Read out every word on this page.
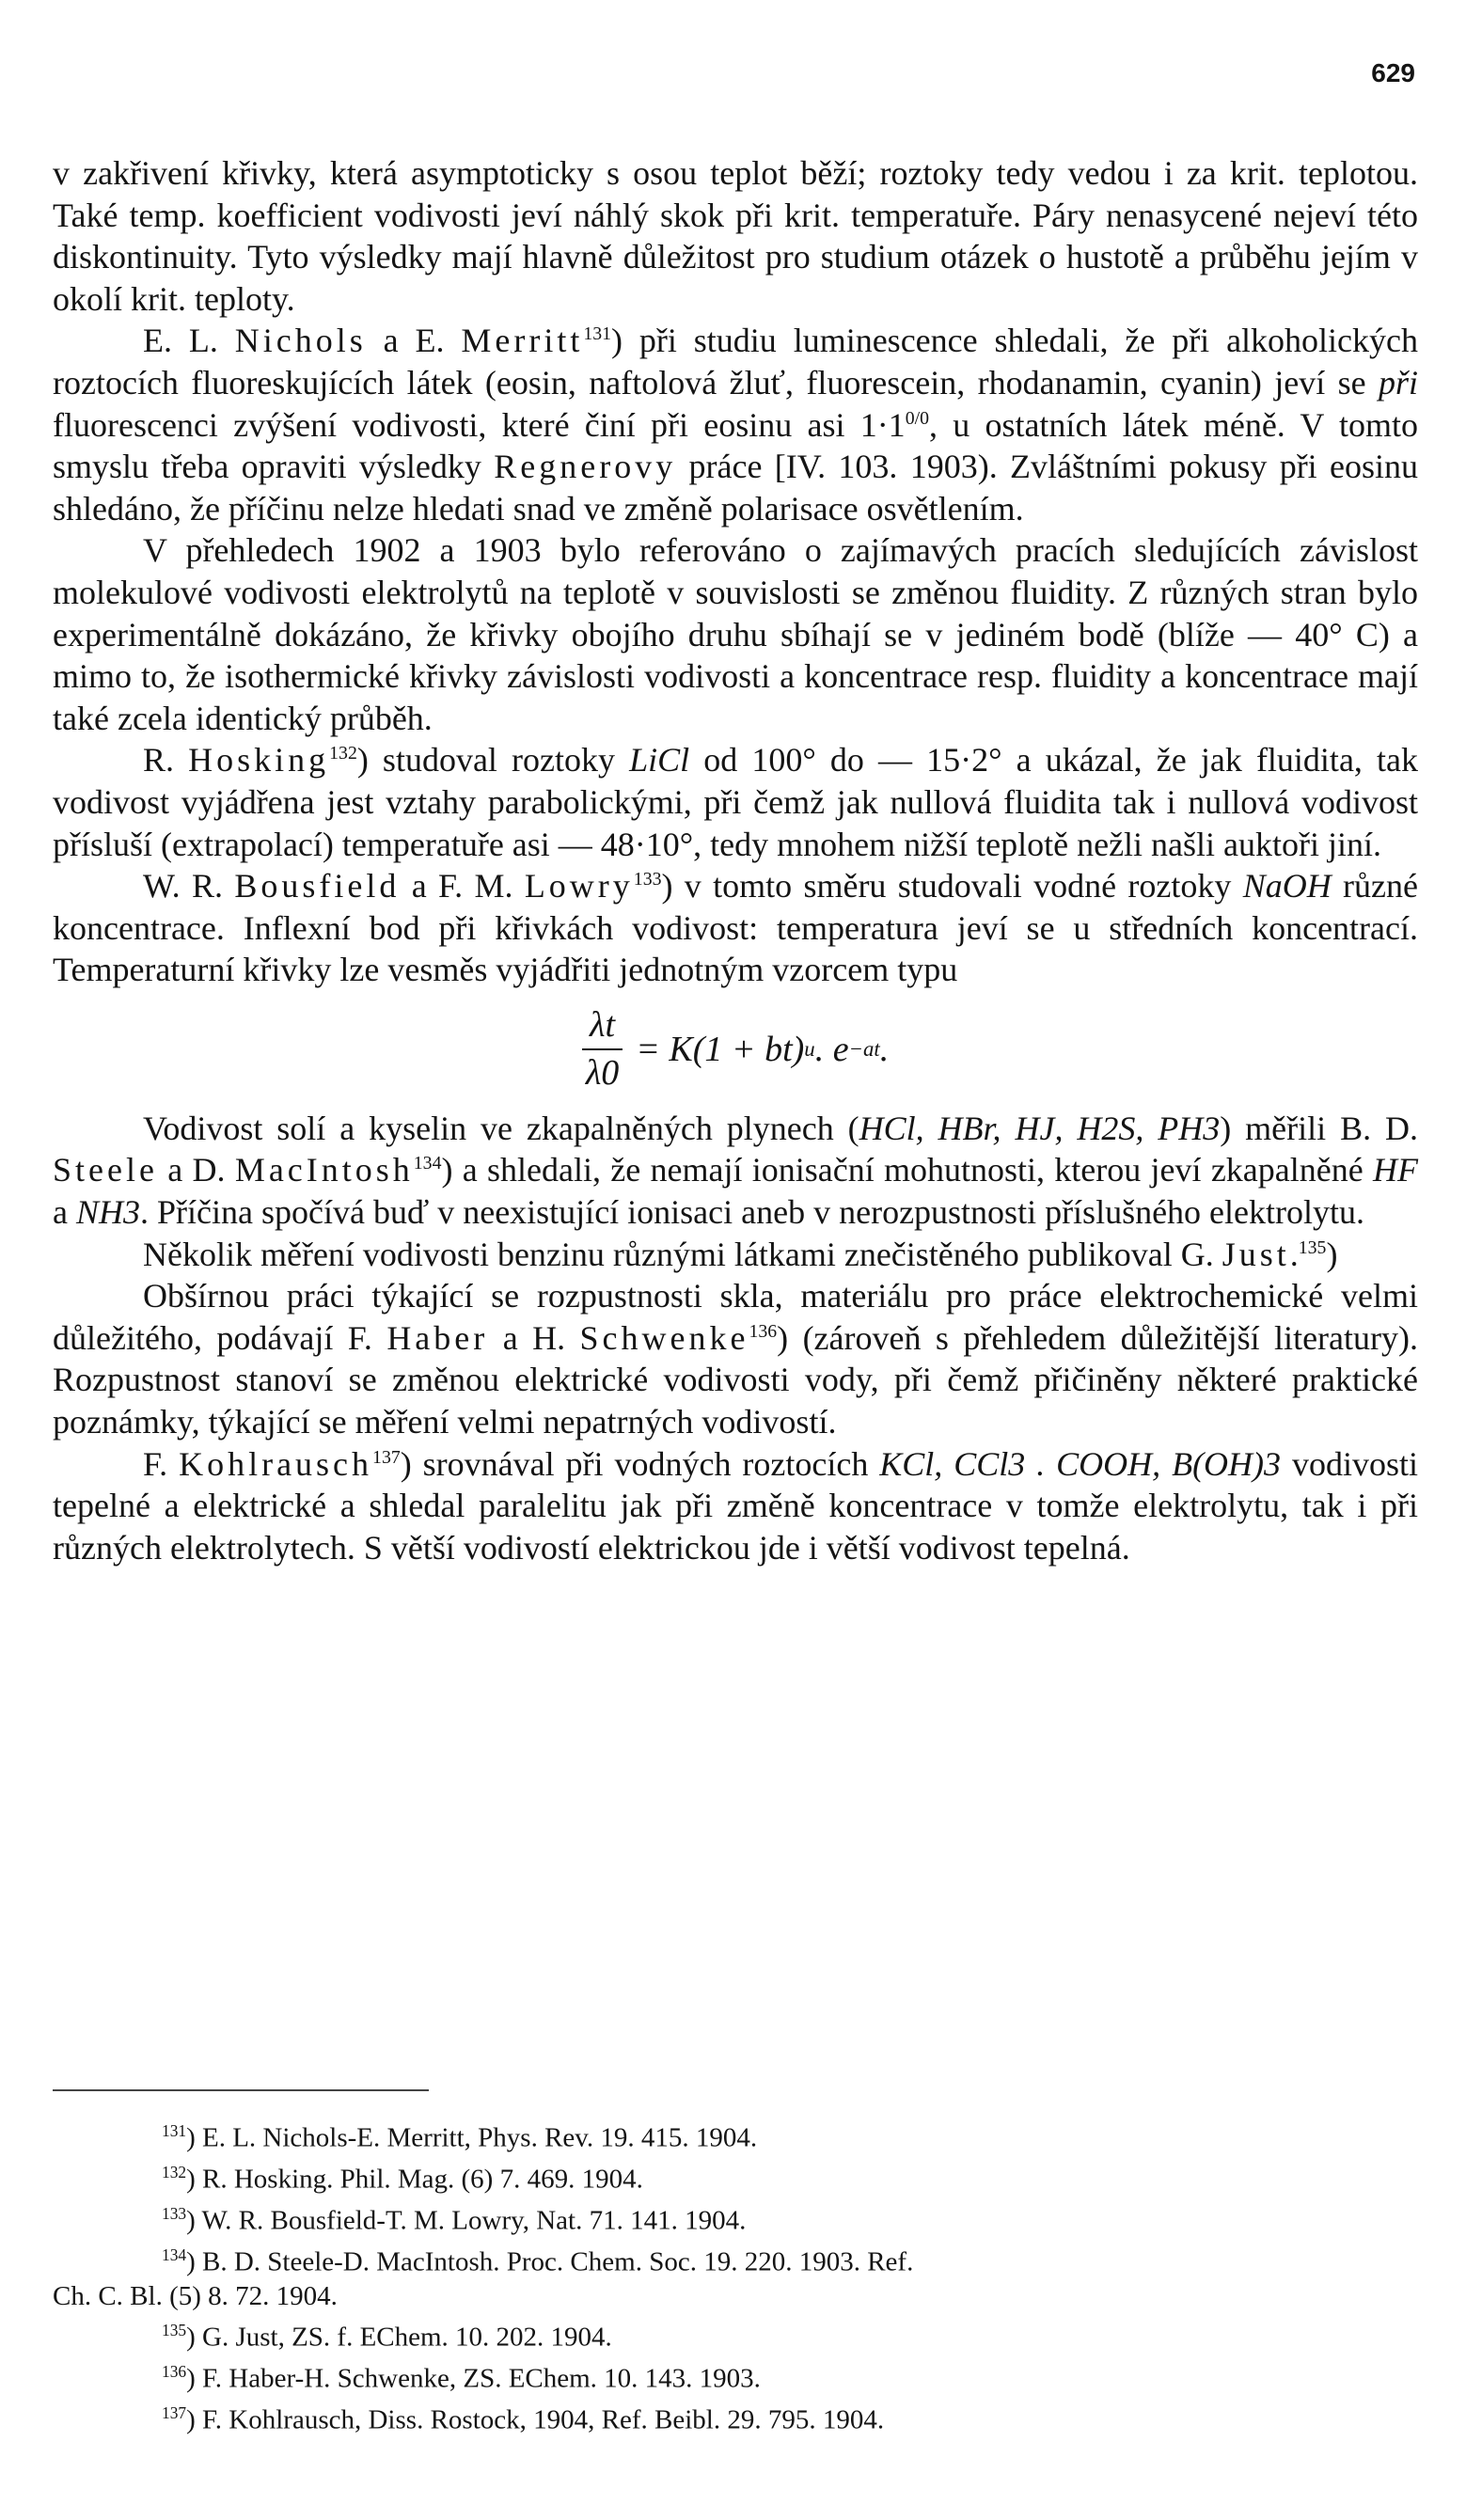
629

v zakřivení křivky, která asymptoticky s osou teplot běží; roztoky tedy vedou i za krit. teplotou. Také temp. koefficient vodivosti jeví náhlý skok při krit. temperatuře. Páry nenasycené nejeví této diskontinuity. Tyto výsledky mají hlavně důležitost pro studium otázek o hustotě a průběhu jejím v okolí krit. teploty.

E. L. Nichols a E. Merritt$^{131}$) při studiu luminescence shledali, že při alkoholických roztocích fluoreskujících látek (eosin, naftolová žluť, fluorescein, rhodanamin, cyanin) jeví se při fluorescenci zvýšení vodivosti, které činí při eosinu asi $1\cdot 1^{0/0}$, u ostatních látek méně. V tomto smyslu třeba opraviti výsledky Regnerovy práce [IV. 103. 1903). Zvláštními pokusy při eosinu shledáno, že příčinu nelze hledati snad ve změně polarisace osvětlením.

V přehledech 1902 a 1903 bylo referováno o zajímavých pracích sledujících závislost molekulové vodivosti elektrolytů na teplotě v souvislosti se změnou fluidity. Z různých stran bylo experimentálně dokázáno, že křivky obojího druhu sbíhají se v jediném bodě (blíže — 40° C) a mimo to, že isothermické křivky závislosti vodivosti a koncentrace resp. fluidity a koncentrace mají také zcela identický průběh.

R. Hosking$^{132}$) studoval roztoky LiCl od 100° do — 15·2° a ukázal, že jak fluidita, tak vodivost vyjádřena jest vztahy parabolickými, při čemž jak nullová fluidita tak i nullová vodivost přísluší (extrapolací) temperatuře asi — 48·10°, tedy mnohem nižší teplotě nežli našli auktoři jiní.

W. R. Bousfield a F. M. Lowry$^{133}$) v tomto směru studovali vodné roztoky NaOH různé koncentrace. Inflexní bod při křivkách vodivost: temperatura jeví se u středních koncentrací. Temperaturní křivky lze vesměs vyjádřiti jednotným vzorcem typu

$\frac{\lambda t}{\lambda 0} = K(1 + bt)$ u . e −at .

Vodivost solí a kyselin ve zkapalněných plynech (HCl, HBr, HJ, H2S, PH3) měřili B. D. Steele a D. MacIntosh$^{134}$) a shledali, že nemají ionisační mohutnosti, kterou jeví zkapalněné HF a NH3. Příčina spočívá buď v neexistující ionisaci aneb v nerozpustnosti příslušného elektrolytu.

Několik měření vodivosti benzinu různými látkami znečistěného publikoval G. Just.$^{135}$)

Obšírnou práci týkající se rozpustnosti skla, materiálu pro práce elektrochemické velmi důležitého, podávají F. Haber a H. Schwenke$^{136}$) (zároveň s přehledem důležitější literatury). Rozpustnost stanoví se změnou elektrické vodivosti vody, při čemž přičiněny některé praktické poznámky, týkající se měření velmi nepatrných vodivostí.

F. Kohlrausch$^{137}$) srovnával při vodných roztocích KCl, CCl3 . COOH, B(OH)3 vodivosti tepelné a elektrické a shledal paralelitu jak při změně koncentrace v tomže elektrolytu, tak i při různých elektrolytech. S větší vodivostí elektrickou jde i větší vodivost tepelná.

$^{131}$) E. L. Nichols-E. Merritt, Phys. Rev. 19. 415. 1904.

$^{132}$) R. Hosking. Phil. Mag. (6) 7. 469. 1904.

$^{133}$) W. R. Bousfield-T. M. Lowry, Nat. 71. 141. 1904.

$^{134}$) B. D. Steele-D. MacIntosh. Proc. Chem. Soc. 19. 220. 1903. Ref.

Ch. C. Bl. (5) 8. 72. 1904.

$^{135}$) G. Just, ZS. f. EChem. 10. 202. 1904.

$^{136}$) F. Haber-H. Schwenke, ZS. EChem. 10. 143. 1903.

$^{137}$) F. Kohlrausch, Diss. Rostock, 1904, Ref. Beibl. 29. 795. 1904.
